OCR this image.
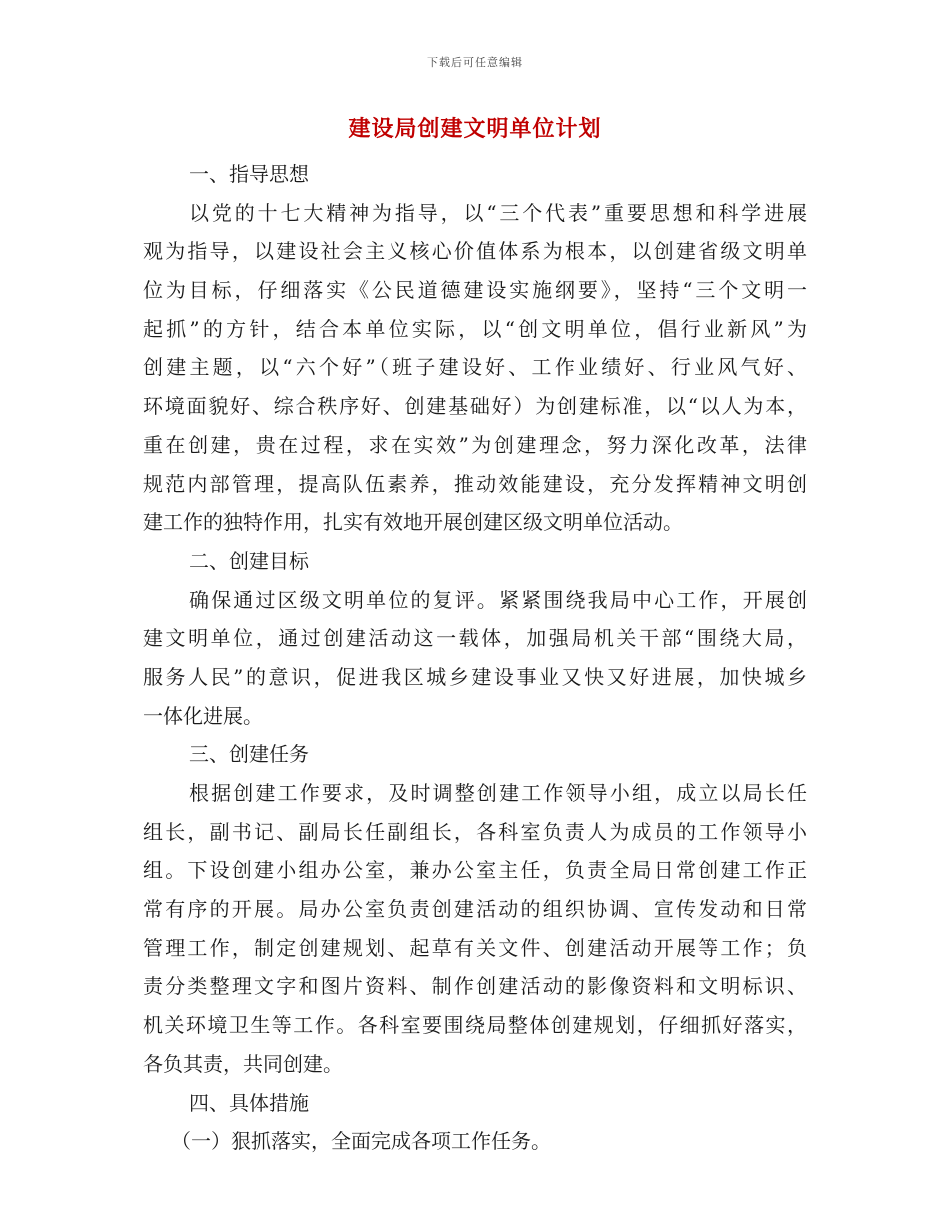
下载后可任意编辑
建设局创建文明单位计划
一、指导思想
以党的十七大精神为指导，以“三个代表”重要思想和科学进展
观为指导，以建设社会主义核心价值体系为根本，以创建省级文明单
位为目标，仔细落实《公民道德建设实施纲要》，坚持“三个文明一
起抓”的方针，结合本单位实际，以“创文明单位，倡行业新风”为
创建主题，以“六个好”（班子建设好、工作业绩好、行业风气好、
环境面貌好、综合秩序好、创建基础好）为创建标准，以“以人为本，
重在创建，贵在过程，求在实效”为创建理念，努力深化改革，法律
规范内部管理，提高队伍素养，推动效能建设，充分发挥精神文明创
建工作的独特作用，扎实有效地开展创建区级文明单位活动。
二、创建目标
确保通过区级文明单位的复评。紧紧围绕我局中心工作，开展创
建文明单位，通过创建活动这一载体，加强局机关干部“围绕大局，
服务人民”的意识，促进我区城乡建设事业又快又好进展，加快城乡
一体化进展。
三、创建任务
根据创建工作要求，及时调整创建工作领导小组，成立以局长任
组长，副书记、副局长任副组长，各科室负责人为成员的工作领导小
组。下设创建小组办公室，兼办公室主任，负责全局日常创建工作正
常有序的开展。局办公室负责创建活动的组织协调、宣传发动和日常
管理工作，制定创建规划、起草有关文件、创建活动开展等工作；负
责分类整理文字和图片资料、制作创建活动的影像资料和文明标识、
机关环境卫生等工作。各科室要围绕局整体创建规划，仔细抓好落实，
各负其责，共同创建。
四、具体措施
（一）狠抓落实，全面完成各项工作任务。
